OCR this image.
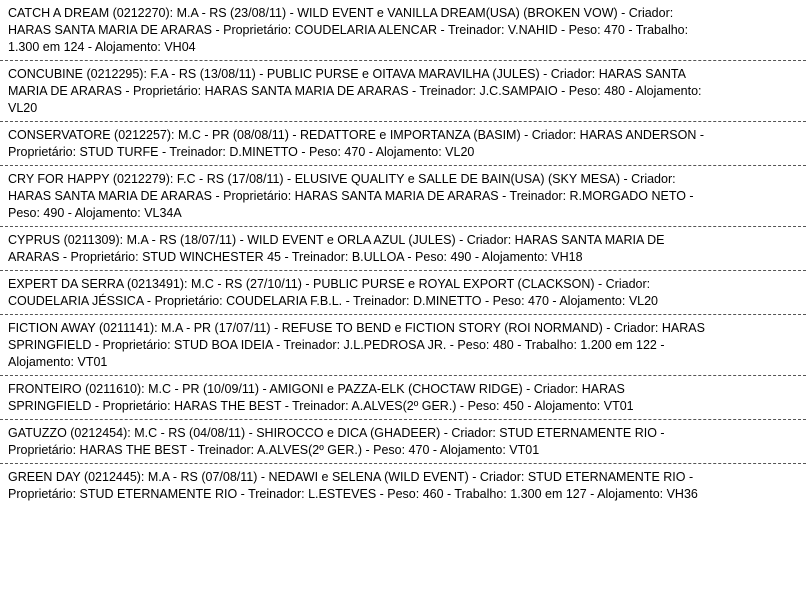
CATCH A DREAM (0212270): M.A - RS (23/08/11) - WILD EVENT e VANILLA DREAM(USA) (BROKEN VOW) - Criador: HARAS SANTA MARIA DE ARARAS - Proprietário: COUDELARIA ALENCAR - Treinador: V.NAHID - Peso: 470 - Trabalho: 1.300 em 124 - Alojamento: VH04
CONCUBINE (0212295): F.A - RS (13/08/11) - PUBLIC PURSE e OITAVA MARAVILHA (JULES) - Criador: HARAS SANTA MARIA DE ARARAS - Proprietário: HARAS SANTA MARIA DE ARARAS - Treinador: J.C.SAMPAIO - Peso: 480 - Alojamento: VL20
CONSERVATORE (0212257): M.C - PR (08/08/11) - REDATTORE e IMPORTANZA (BASIM) - Criador: HARAS ANDERSON - Proprietário: STUD TURFE - Treinador: D.MINETTO - Peso: 470 - Alojamento: VL20
CRY FOR HAPPY (0212279): F.C - RS (17/08/11) - ELUSIVE QUALITY e SALLE DE BAIN(USA) (SKY MESA) - Criador: HARAS SANTA MARIA DE ARARAS - Proprietário: HARAS SANTA MARIA DE ARARAS - Treinador: R.MORGADO NETO - Peso: 490 - Alojamento: VL34A
CYPRUS (0211309): M.A - RS (18/07/11) - WILD EVENT e ORLA AZUL (JULES) - Criador: HARAS SANTA MARIA DE ARARAS - Proprietário: STUD WINCHESTER 45 - Treinador: B.ULLOA - Peso: 490 - Alojamento: VH18
EXPERT DA SERRA (0213491): M.C - RS (27/10/11) - PUBLIC PURSE e ROYAL EXPORT (CLACKSON) - Criador: COUDELARIA JÉSSICA - Proprietário: COUDELARIA F.B.L. - Treinador: D.MINETTO - Peso: 470 - Alojamento: VL20
FICTION AWAY (0211141): M.A - PR (17/07/11) - REFUSE TO BEND e FICTION STORY (ROI NORMAND) - Criador: HARAS SPRINGFIELD - Proprietário: STUD BOA IDEIA - Treinador: J.L.PEDROSA JR. - Peso: 480 - Trabalho: 1.200 em 122 - Alojamento: VT01
FRONTEIRO (0211610): M.C - PR (10/09/11) - AMIGONI e PAZZA-ELK (CHOCTAW RIDGE) - Criador: HARAS SPRINGFIELD - Proprietário: HARAS THE BEST - Treinador: A.ALVES(2º GER.) - Peso: 450 - Alojamento: VT01
GATUZZO (0212454): M.C - RS (04/08/11) - SHIROCCO e DICA (GHADEER) - Criador: STUD ETERNAMENTE RIO - Proprietário: HARAS THE BEST - Treinador: A.ALVES(2º GER.) - Peso: 470 - Alojamento: VT01
GREEN DAY (0212445): M.A - RS (07/08/11) - NEDAWI e SELENA (WILD EVENT) - Criador: STUD ETERNAMENTE RIO - Proprietário: STUD ETERNAMENTE RIO - Treinador: L.ESTEVES - Peso: 460 - Trabalho: 1.300 em 127 - Alojamento: VH36
